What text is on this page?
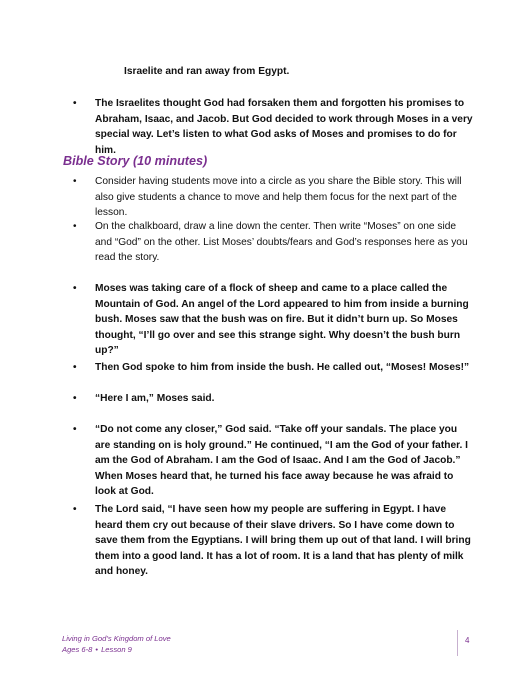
Israelite and ran away from Egypt.
•	The Israelites thought God had forsaken them and forgotten his promises to Abraham, Isaac, and Jacob. But God decided to work through Moses in a very special way. Let’s listen to what God asks of Moses and promises to do for him.
Bible Story (10 minutes)
•	Consider having students move into a circle as you share the Bible story. This will also give students a chance to move and help them focus for the next part of the lesson.
•	On the chalkboard, draw a line down the center. Then write “Moses” on one side and “God” on the other. List Moses’ doubts/fears and God’s responses here as you read the story.
•	Moses was taking care of a flock of sheep and came to a place called the Mountain of God. An angel of the Lord appeared to him from inside a burning bush. Moses saw that the bush was on fire. But it didn’t burn up. So Moses thought, “I’ll go over and see this strange sight. Why doesn’t the bush burn up?”
•	Then God spoke to him from inside the bush. He called out, “Moses! Moses!”
•	“Here I am,” Moses said.
•	“Do not come any closer,” God said. “Take off your sandals. The place you are standing on is holy ground.” He continued, “I am the God of your father. I am the God of Abraham. I am the God of Isaac. And I am the God of Jacob.” When Moses heard that, he turned his face away because he was afraid to look at God.
•	The Lord said, “I have seen how my people are suffering in Egypt. I have heard them cry out because of their slave drivers. So I have come down to save them from the Egyptians. I will bring them up out of that land. I will bring them into a good land. It has a lot of room. It is a land that has plenty of milk and honey.
Living in God’s Kingdom of Love
Ages 6-8 • Lesson 9
4
